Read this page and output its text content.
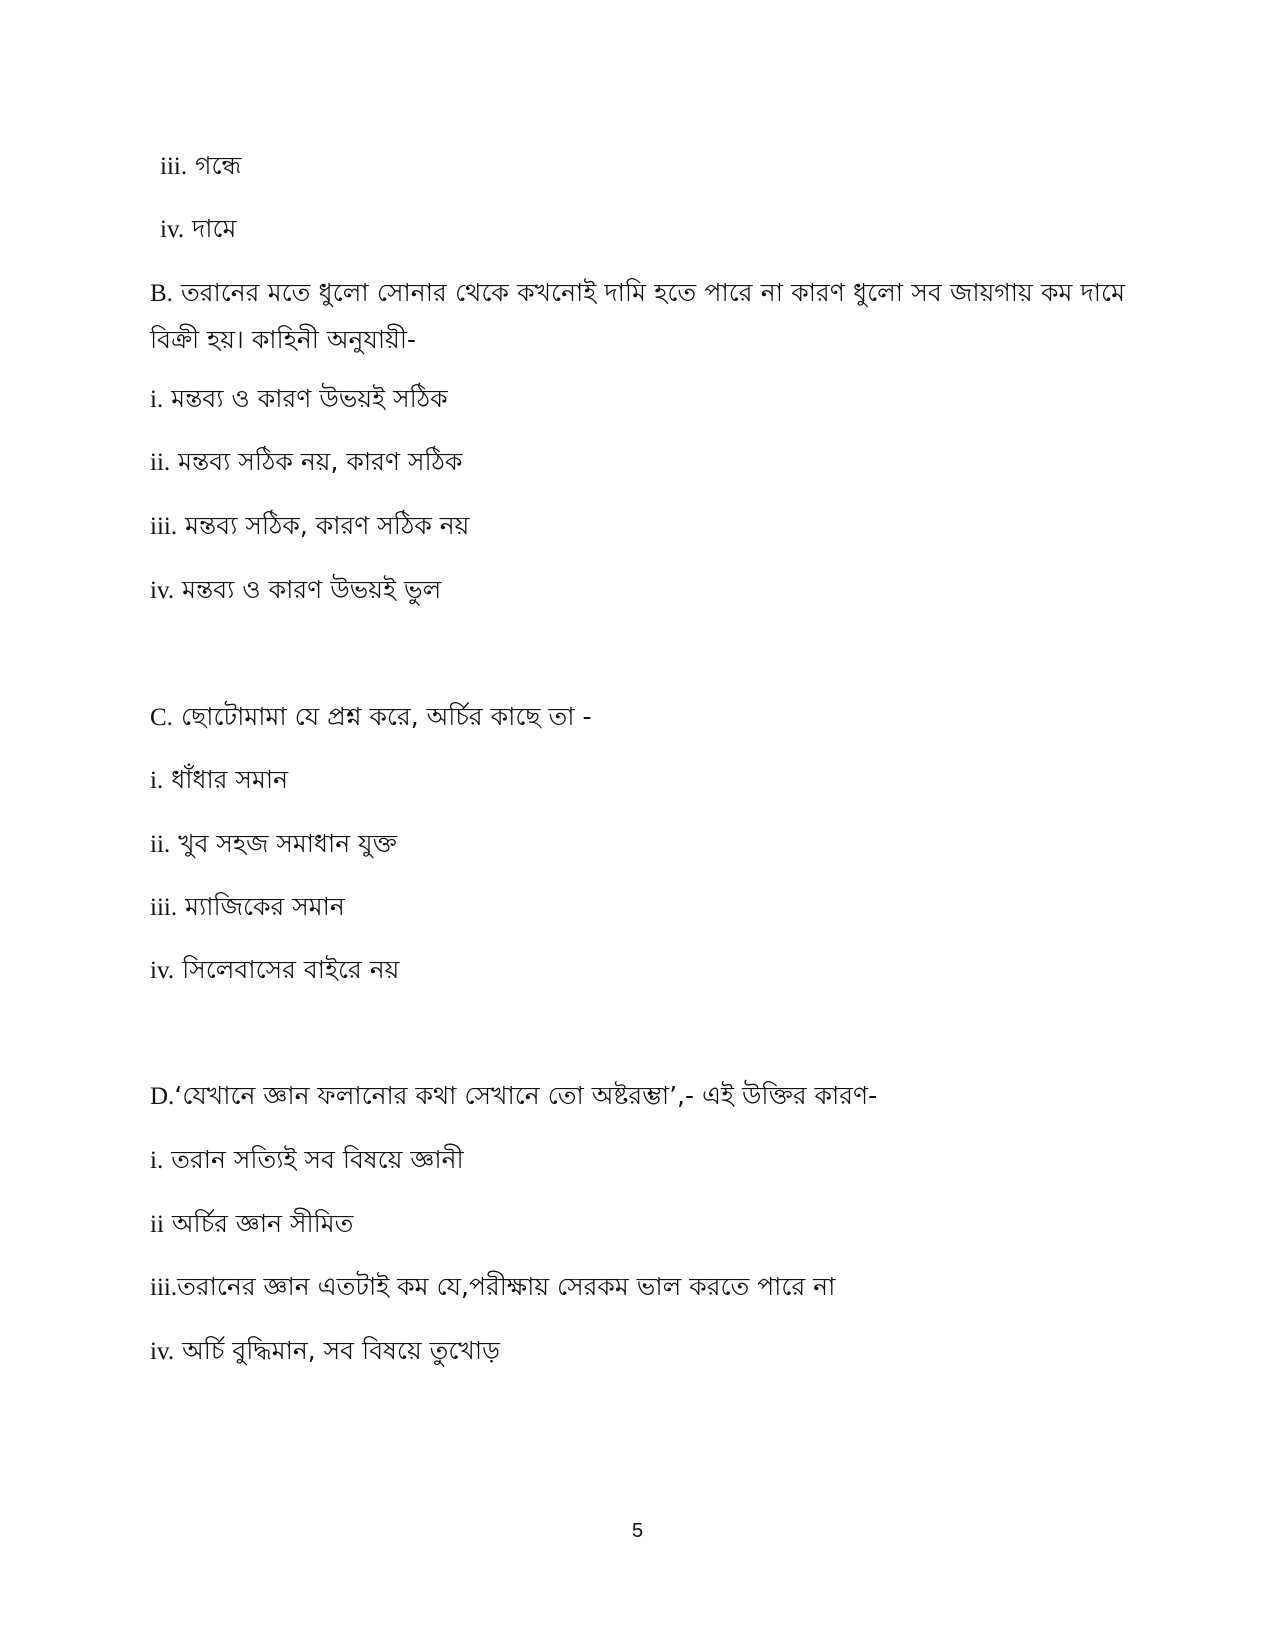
iii. গন্ধে
iv. দামে
B. তরানের মতে ধুলো সোনার থেকে কখনোই দামি হতে পারে না কারণ ধুলো সব জায়গায় কম দামে বিক্রী হয়। কাহিনী অনুযায়ী-
i. মন্তব্য ও কারণ উভয়ই সঠিক
ii. মন্তব্য সঠিক নয়, কারণ সঠিক
iii. মন্তব্য সঠিক, কারণ সঠিক নয়
iv. মন্তব্য ও কারণ উভয়ই ভুল
C. ছোটোমামা যে প্রশ্ন করে, অর্চির কাছে তা -
i. ধাঁধার সমান
ii. খুব সহজ সমাধান যুক্ত
iii. ম্যাজিকের সমান
iv. সিলেবাসের বাইরে নয়
D.‘যেখানে জ্ঞান ফলানোর কথা সেখানে তো অষ্টরম্ভা’,- এই উক্তির কারণ-
i. তরান সত্যিই সব বিষয়ে জ্ঞানী
ii অর্চির জ্ঞান সীমিত
iii.তরানের জ্ঞান এতটাই কম যে,পরীক্ষায় সেরকম ভাল করতে পারে না
iv. অর্চি বুদ্ধিমান, সব বিষয়ে তুখোড়
5
